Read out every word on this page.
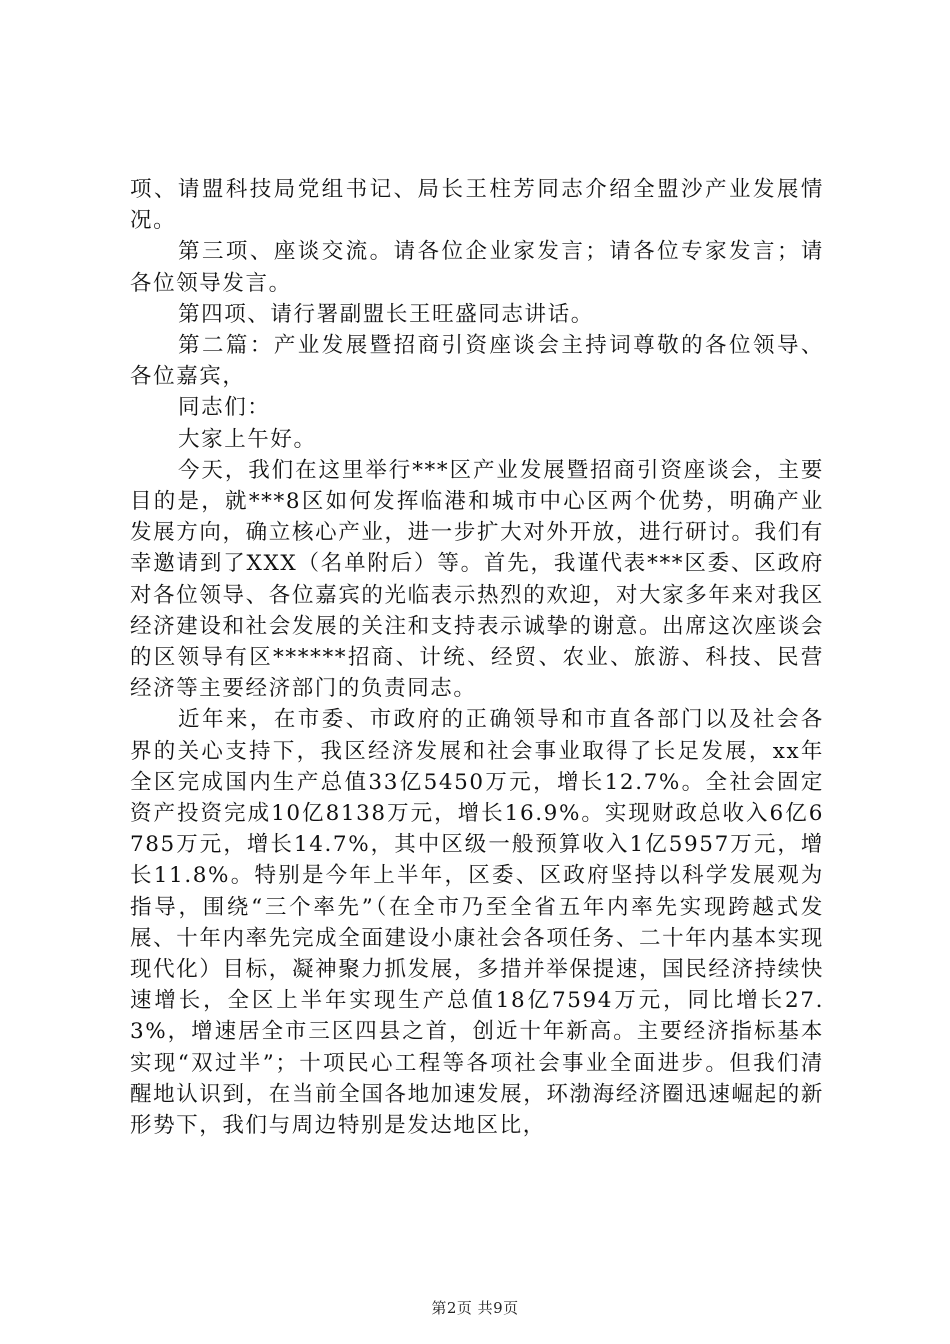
项、请盟科技局党组书记、局长王柱芳同志介绍全盟沙产业发展情况。

第三项、座谈交流。请各位企业家发言；请各位专家发言；请各位领导发言。

第四项、请行署副盟长王旺盛同志讲话。

第二篇：产业发展暨招商引资座谈会主持词尊敬的各位领导、各位嘉宾，

同志们：

大家上午好。

今天，我们在这里举行***区产业发展暨招商引资座谈会，主要目的是，就***8区如何发挥临港和城市中心区两个优势，明确产业发展方向，确立核心产业，进一步扩大对外开放，进行研讨。我们有幸邀请到了XXX（名单附后）等。首先，我谨代表***区委、区政府对各位领导、各位嘉宾的光临表示热烈的欢迎，对大家多年来对我区经济建设和社会发展的关注和支持表示诚挚的谢意。出席这次座谈会的区领导有区******招商、计统、经贸、农业、旅游、科技、民营经济等主要经济部门的负责同志。

近年来，在市委、市政府的正确领导和市直各部门以及社会各界的关心支持下，我区经济发展和社会事业取得了长足发展，xx年全区完成国内生产总值33亿5450万元，增长12.7%。全社会固定资产投资完成10亿8138万元，增长16.9%。实现财政总收入6亿6785万元，增长14.7%，其中区级一般预算收入1亿5957万元，增长11.8%。特别是今年上半年，区委、区政府坚持以科学发展观为指导，围绕“三个率先”（在全市乃至全省五年内率先实现跨越式发展、十年内率先完成全面建设小康社会各项任务、二十年内基本实现现代化）目标，凝神聚力抓发展，多措并举保提速，国民经济持续快速增长，全区上半年实现生产总值18亿7594万元，同比增长27.3%，增速居全市三区四县之首，创近十年新高。主要经济指标基本实现“双过半”；十项民心工程等各项社会事业全面进步。但我们清醒地认识到，在当前全国各地加速发展，环渤海经济圈迅速崛起的新形势下，我们与周边特别是发达地区比，

第2页 共9页
